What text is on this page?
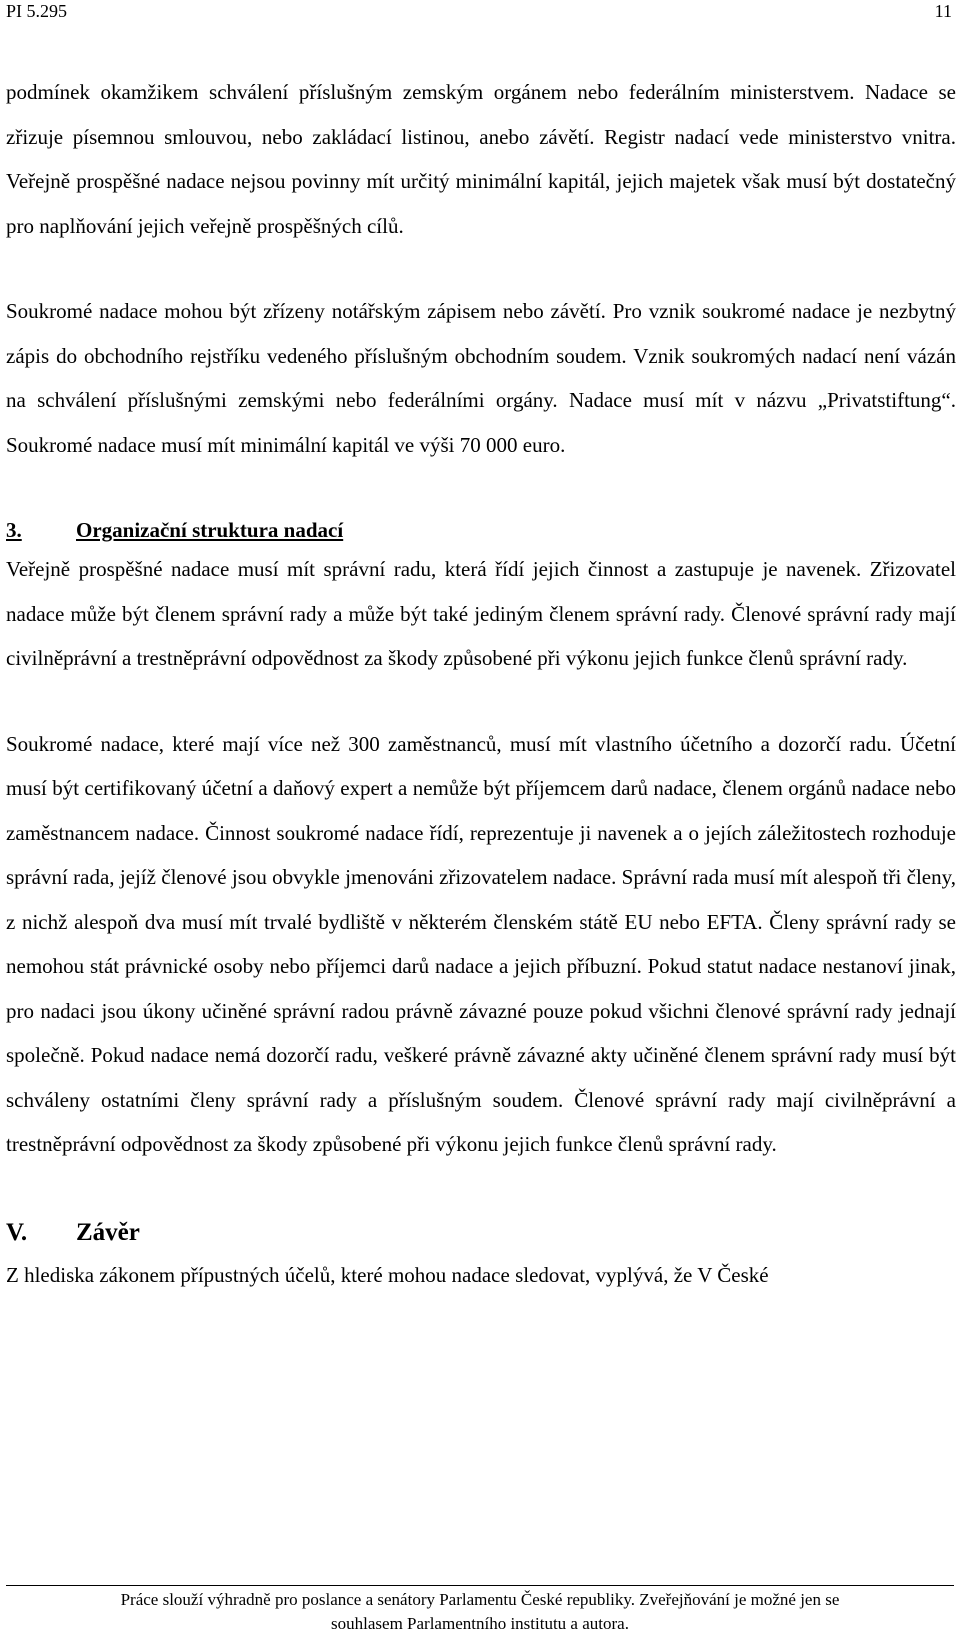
PI 5.295	11

podmínek okamžikem schválení příslušným zemským orgánem nebo federálním ministerstvem. Nadace se zřizuje písemnou smlouvou, nebo zakládací listinou, anebo závětí. Registr nadací vede ministerstvo vnitra. Veřejně prospěšné nadace nejsou povinny mít určitý minimální kapitál, jejich majetek však musí být dostatečný pro naplňování jejich veřejně prospěšných cílů.

Soukromé nadace mohou být zřízeny notářským zápisem nebo závětí. Pro vznik soukromé nadace je nezbytný zápis do obchodního rejstříku vedeného příslušným obchodním soudem. Vznik soukromých nadací není vázán na schválení příslušnými zemskými nebo federálními orgány. Nadace musí mít v názvu „Privatstiftung“. Soukromé nadace musí mít minimální kapitál ve výši 70 000 euro.

3.	Organizační struktura nadací

Veřejně prospěšné nadace musí mít správní radu, která řídí jejich činnost a zastupuje je navenek. Zřizovatel nadace může být členem správní rady a může být také jediným členem správní rady. Členové správní rady mají civilněprávní a trestněprávní odpovědnost za škody způsobené při výkonu jejich funkce členů správní rady.

Soukromé nadace, které mají více než 300 zaměstnanců, musí mít vlastního účetního a dozorčí radu. Účetní musí být certifikovaný účetní a daňový expert a nemůže být příjemcem darů nadace, členem orgánů nadace nebo zaměstnancem nadace. Činnost soukromé nadace řídí, reprezentuje ji navenek a o jejích záležitostech rozhoduje správní rada, jejíž členové jsou obvykle jmenováni zřizovatelem nadace. Správní rada musí mít alespoň tři členy, z nichž alespoň dva musí mít trvalé bydliště v některém členském státě EU nebo EFTA. Členy správní rady se nemohou stát právnické osoby nebo příjemci darů nadace a jejich příbuzní. Pokud statut nadace nestanoví jinak, pro nadaci jsou úkony učiněné správní radou právně závazné pouze pokud všichni členové správní rady jednají společně. Pokud nadace nemá dozorčí radu, veškeré právně závazné akty učiněné členem správní rady musí být schváleny ostatními členy správní rady a příslušným soudem. Členové správní rady mají civilněprávní a trestněprávní odpovědnost za škody způsobené při výkonu jejich funkce členů správní rady.

V.	Závěr

Z hlediska zákonem přípustných účelů, které mohou nadace sledovat, vyplývá, že V České

Práce slouží výhradně pro poslance a senátory Parlamentu České republiky. Zveřejňování je možné jen se
souhlasem Parlamentního institutu a autora.
